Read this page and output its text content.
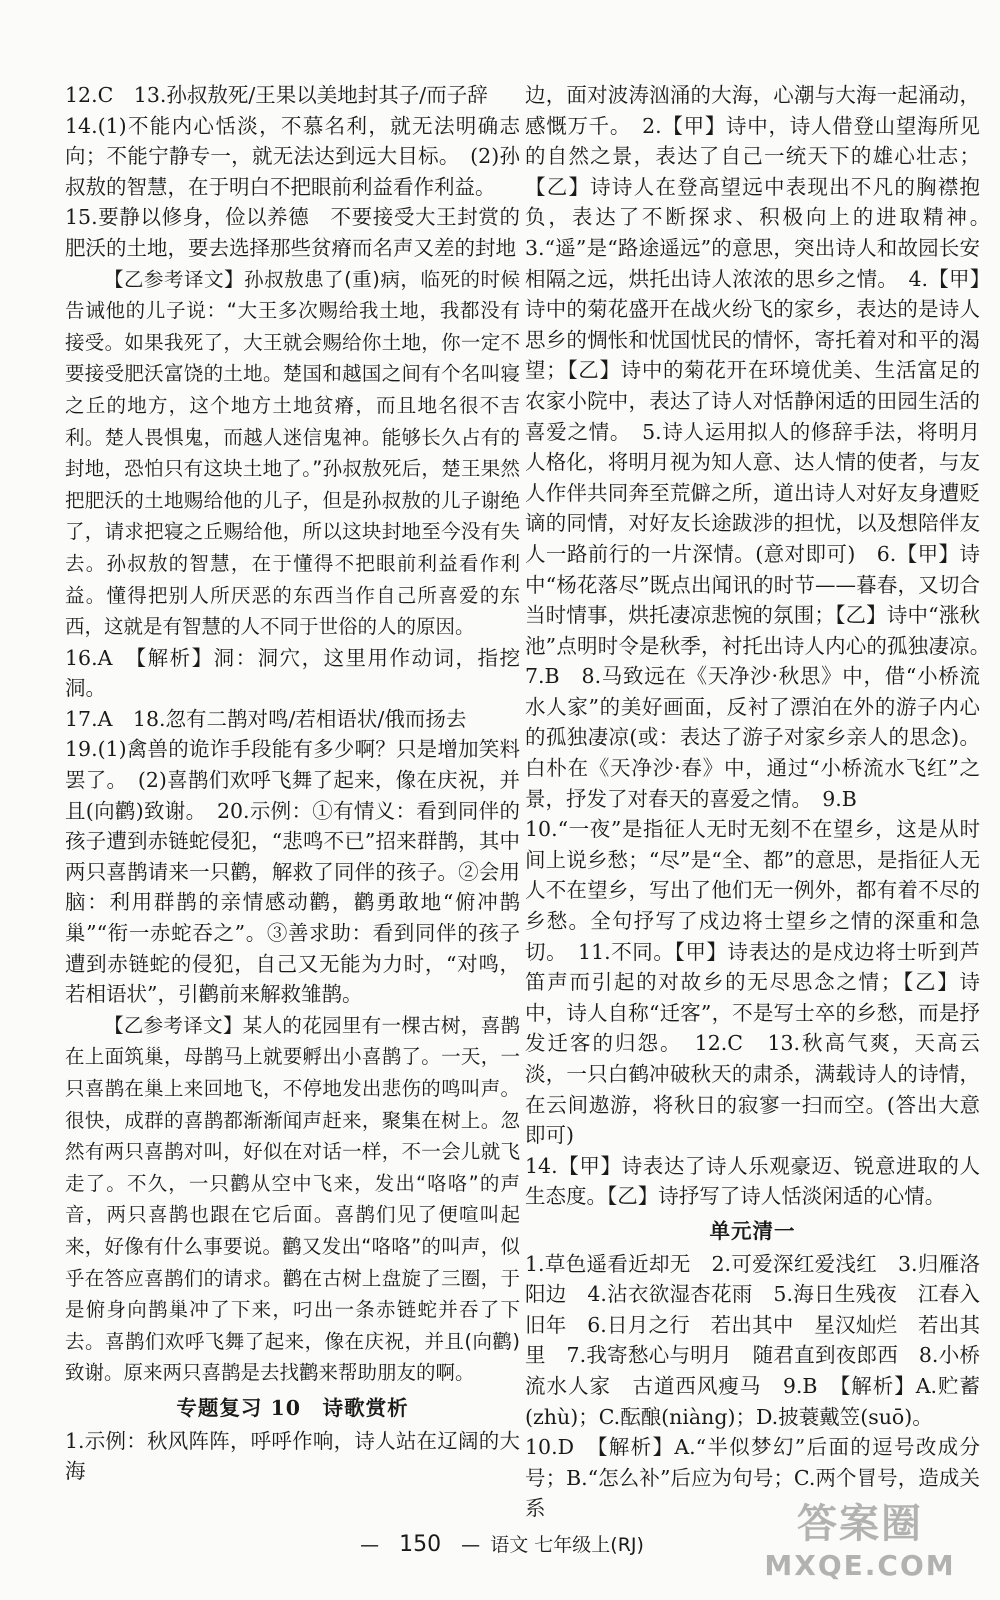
12.C　13.孙叔敖死/王果以美地封其子/而子辞

14.(1)不能内心恬淡，不慕名利，就无法明确志向；不能宁静专一，就无法达到远大目标。　(2)孙叔敖的智慧，在于明白不把眼前利益看作利益。

15.要静以修身，俭以养德　不要接受大王封赏的肥沃的土地，要去选择那些贫瘠而名声又差的封地

【乙参考译文】孙叔敖患了(重)病，临死的时候告诫他的儿子说：“大王多次赐给我土地，我都没有接受。如果我死了，大王就会赐给你土地，你一定不要接受肥沃富饶的土地。楚国和越国之间有个名叫寝之丘的地方，这个地方土地贫瘠，而且地名很不吉利。楚人畏惧鬼，而越人迷信鬼神。能够长久占有的封地，恐怕只有这块土地了。”孙叔敖死后，楚王果然把肥沃的土地赐给他的儿子，但是孙叔敖的儿子谢绝了，请求把寝之丘赐给他，所以这块封地至今没有失去。孙叔敖的智慧，在于懂得不把眼前利益看作利益。懂得把别人所厌恶的东西当作自己所喜爱的东西，这就是有智慧的人不同于世俗的人的原因。

16.A　【解析】洞：洞穴，这里用作动词，指挖洞。

17.A　18.忽有二鹊对鸣/若相语状/俄而扬去

19.(1)禽兽的诡诈手段能有多少啊？只是增加笑料罢了。　(2)喜鹊们欢呼飞舞了起来，像在庆祝，并且(向鹳)致谢。　20.示例：①有情义：看到同伴的孩子遭到赤链蛇侵犯，“悲鸣不已”招来群鹊，其中两只喜鹊请来一只鹳，解救了同伴的孩子。②会用脑：利用群鹊的亲情感动鹳，鹳勇敢地“俯冲鹊巢”“衔一赤蛇吞之”。③善求助：看到同伴的孩子遭到赤链蛇的侵犯，自己又无能为力时，“对鸣，若相语状”，引鹳前来解救雏鹊。

【乙参考译文】某人的花园里有一棵古树，喜鹊在上面筑巢，母鹊马上就要孵出小喜鹊了。一天，一只喜鹊在巢上来回地飞，不停地发出悲伤的鸣叫声。很快，成群的喜鹊都渐渐闻声赶来，聚集在树上。忽然有两只喜鹊对叫，好似在对话一样，不一会儿就飞走了。不久，一只鹳从空中飞来，发出“咯咯”的声音，两只喜鹊也跟在它后面。喜鹊们见了便喧叫起来，好像有什么事要说。鹳又发出“咯咯”的叫声，似乎在答应喜鹊们的请求。鹳在古树上盘旋了三圈，于是俯身向鹊巢冲了下来，叼出一条赤链蛇并吞了下去。喜鹊们欢呼飞舞了起来，像在庆祝，并且(向鹳)致谢。原来两只喜鹊是去找鹳来帮助朋友的啊。

专题复习 10　诗歌赏析

1.示例：秋风阵阵，呼呼作响，诗人站在辽阔的大海

边，面对波涛汹涌的大海，心潮与大海一起涌动，感慨万千。　2.【甲】诗中，诗人借登山望海所见的自然之景，表达了自己一统天下的雄心壮志；【乙】诗诗人在登高望远中表现出不凡的胸襟抱负，表达了不断探求、积极向上的进取精神。　3.“遥”是“路途遥远”的意思，突出诗人和故园长安相隔之远，烘托出诗人浓浓的思乡之情。　4.【甲】诗中的菊花盛开在战火纷飞的家乡，表达的是诗人思乡的惆怅和忧国忧民的情怀，寄托着对和平的渴望；【乙】诗中的菊花开在环境优美、生活富足的农家小院中，表达了诗人对恬静闲适的田园生活的喜爱之情。　5.诗人运用拟人的修辞手法，将明月人格化，将明月视为知人意、达人情的使者，与友人作伴共同奔至荒僻之所，道出诗人对好友身遭贬谪的同情，对好友长途跋涉的担忧，以及想陪伴友人一路前行的一片深情。(意对即可)　6.【甲】诗中“杨花落尽”既点出闻讯的时节——暮春，又切合当时情事，烘托凄凉悲惋的氛围；【乙】诗中“涨秋池”点明时令是秋季，衬托出诗人内心的孤独凄凉。　7.B　8.马致远在《天净沙·秋思》中，借“小桥流水人家”的美好画面，反衬了漂泊在外的游子内心的孤独凄凉(或：表达了游子对家乡亲人的思念)。白朴在《天净沙·春》中，通过“小桥流水飞红”之景，抒发了对春天的喜爱之情。　9.B

10.“一夜”是指征人无时无刻不在望乡，这是从时间上说乡愁；“尽”是“全、都”的意思，是指征人无人不在望乡，写出了他们无一例外，都有着不尽的乡愁。全句抒写了戍边将士望乡之情的深重和急切。　11.不同。【甲】诗表达的是戍边将士听到芦笛声而引起的对故乡的无尽思念之情；【乙】诗中，诗人自称“迁客”，不是写士卒的乡愁，而是抒发迁客的归怨。　12.C　13.秋高气爽，天高云淡，一只白鹤冲破秋天的肃杀，满载诗人的诗情，在云间遨游，将秋日的寂寥一扫而空。(答出大意即可)

14.【甲】诗表达了诗人乐观豪迈、锐意进取的人生态度。【乙】诗抒写了诗人恬淡闲适的心情。

单元清一

1.草色遥看近却无　2.可爱深红爱浅红　3.归雁洛阳边　4.沾衣欲湿杏花雨　5.海日生残夜　江春入旧年　6.日月之行　若出其中　星汉灿烂　若出其里　7.我寄愁心与明月　随君直到夜郎西　8.小桥流水人家　古道西风瘦马　9.B　【解析】A.贮蓄(zhù)；C.酝酿(niàng)；D.披蓑戴笠(suō)。

10.D　【解析】A.“半似梦幻”后面的逗号改成分号；B.“怎么补”后应为句号；C.两个冒号，造成关系

— 150 — 语文 七年级上(RJ)	答案圈
MXQE.COM
